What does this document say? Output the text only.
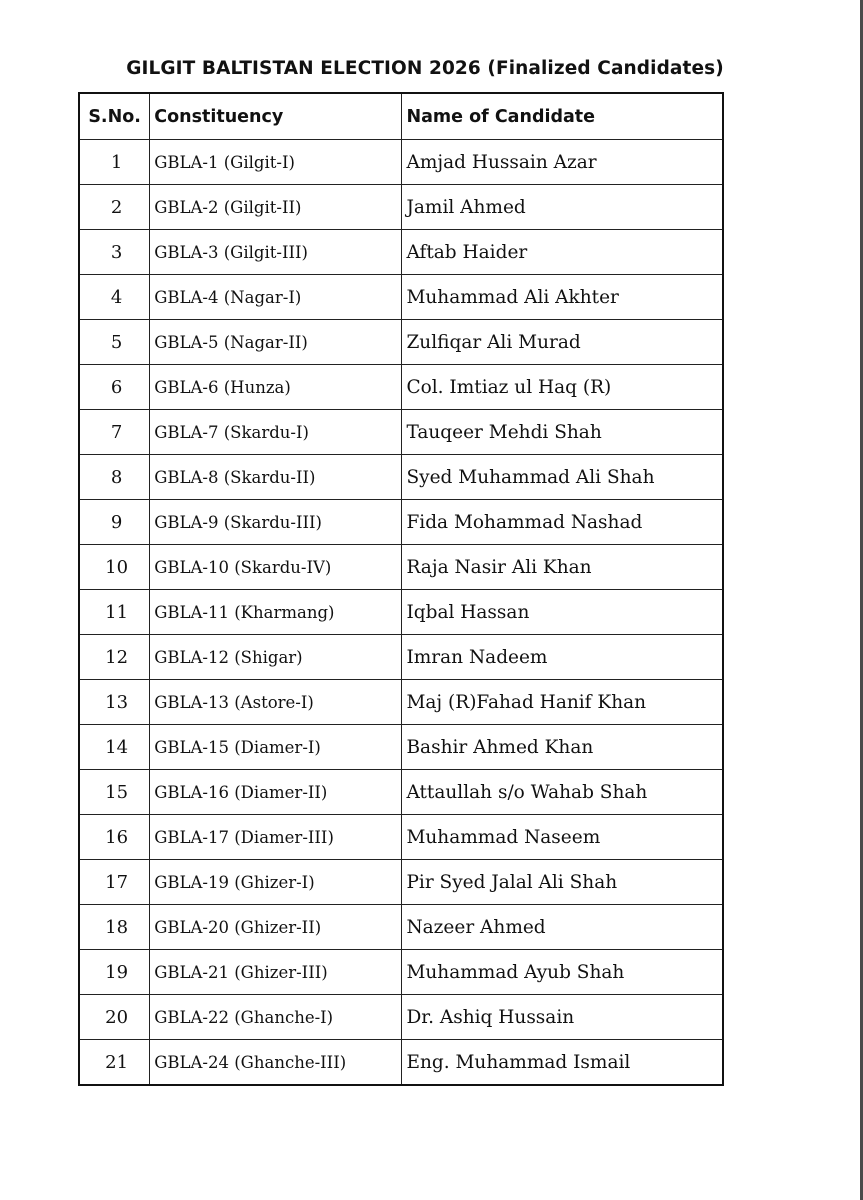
GILGIT BALTISTAN ELECTION 2026 (Finalized Candidates)
S.No.	Constituency	Name of Candidate
1	GBLA-1 (Gilgit-I)	Amjad Hussain Azar
2	GBLA-2 (Gilgit-II)	Jamil Ahmed
3	GBLA-3 (Gilgit-III)	Aftab Haider
4	GBLA-4 (Nagar-I)	Muhammad Ali Akhter
5	GBLA-5 (Nagar-II)	Zulfiqar Ali Murad
6	GBLA-6 (Hunza)	Col. Imtiaz ul Haq (R)
7	GBLA-7 (Skardu-I)	Tauqeer Mehdi Shah
8	GBLA-8 (Skardu-II)	Syed Muhammad Ali Shah
9	GBLA-9 (Skardu-III)	Fida Mohammad Nashad
10	GBLA-10 (Skardu-IV)	Raja Nasir Ali Khan
11	GBLA-11 (Kharmang)	Iqbal Hassan
12	GBLA-12 (Shigar)	Imran Nadeem
13	GBLA-13 (Astore-I)	Maj (R)Fahad Hanif Khan
14	GBLA-15 (Diamer-I)	Bashir Ahmed Khan
15	GBLA-16 (Diamer-II)	Attaullah s/o Wahab Shah
16	GBLA-17 (Diamer-III)	Muhammad Naseem
17	GBLA-19 (Ghizer-I)	Pir Syed Jalal Ali Shah
18	GBLA-20 (Ghizer-II)	Nazeer Ahmed
19	GBLA-21 (Ghizer-III)	Muhammad Ayub Shah
20	GBLA-22 (Ghanche-I)	Dr. Ashiq Hussain
21	GBLA-24 (Ghanche-III)	Eng. Muhammad Ismail
